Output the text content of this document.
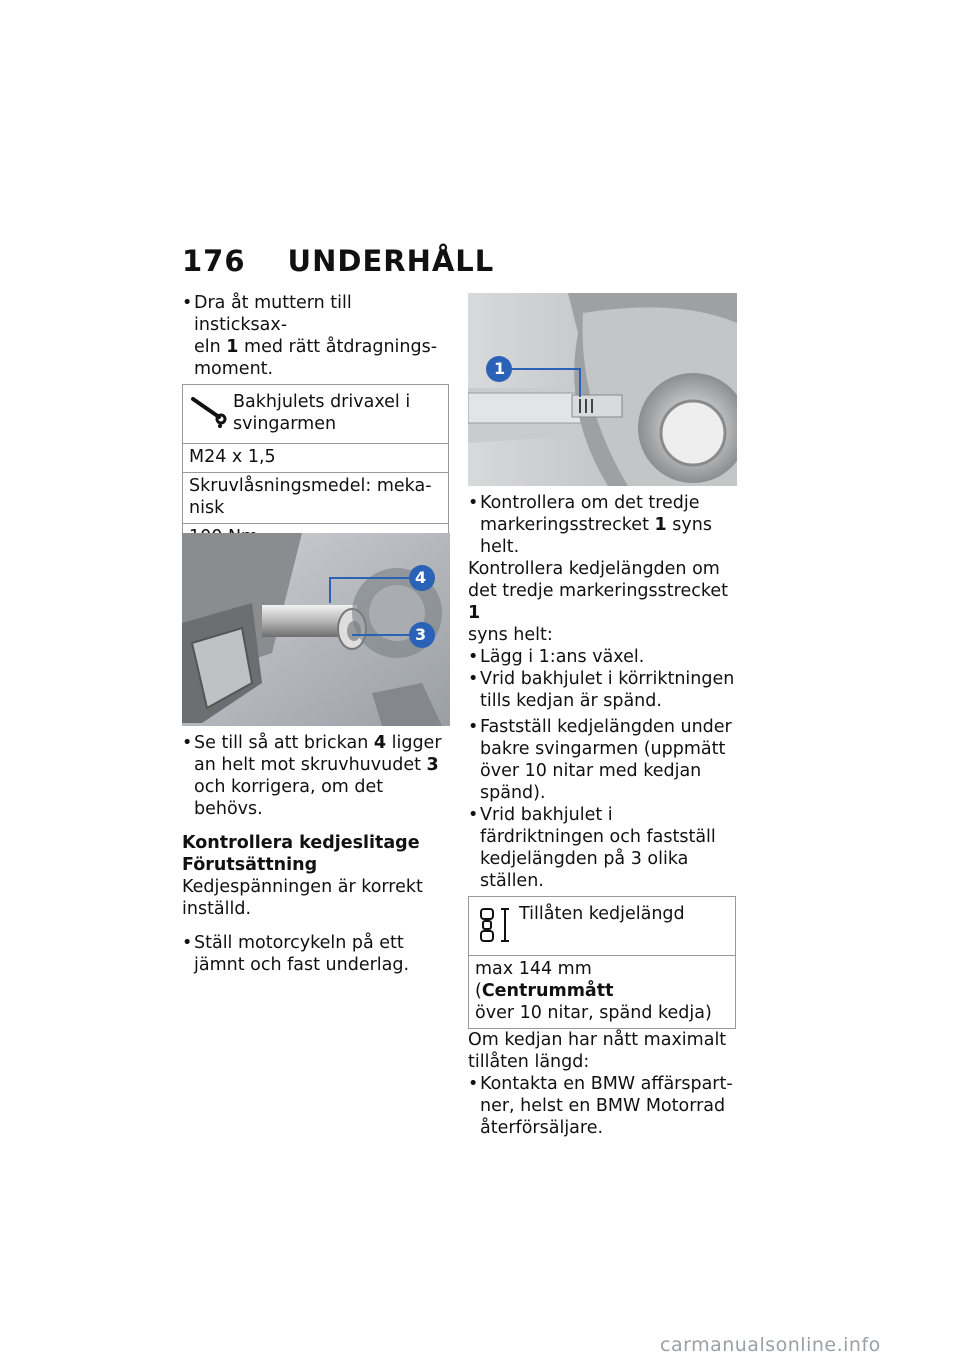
176 UNDERHÅLL
• Dra åt muttern till insticksax-

eln 1 med rätt åtdragnings-

moment.

Bakhjulets drivaxel i svingarmen
M24 x 1,5
Skruvlåsningsmedel: meka-nisk
4
3
• Se till så att brickan 4 ligger

an helt mot skruvhuvudet 3

och korrigera, om det behövs.

Kontrollera kedjeslitage

Förutsättning

Kedjespänningen är korrekt inställd.

• Ställ motorcykeln på ett jämnt och fast underlag.

1
• Kontrollera om det tredje

markeringsstrecket 1 syns

helt.

Kontrollera kedjelängden om

det tredje markeringsstrecket 1

syns helt:

• Lägg i 1:ans växel.

• Vrid bakhjulet i körriktningen tills kedjan är spänd.

• Fastställ kedjelängden under bakre svingarmen (uppmätt över 10 nitar med kedjan spänd).

• Vrid bakhjulet i färdriktningen och fastställ kedjelängden på 3 olika ställen.

Tillåten kedjelängd
max 144 mm (Centrummått
över 10 nitar, spänd kedja)

Om kedjan har nått maximalt tillåten längd:

• Kontakta en BMW affärspart-ner, helst en BMW Motorrad återförsäljare.

carmanualsonline.info
